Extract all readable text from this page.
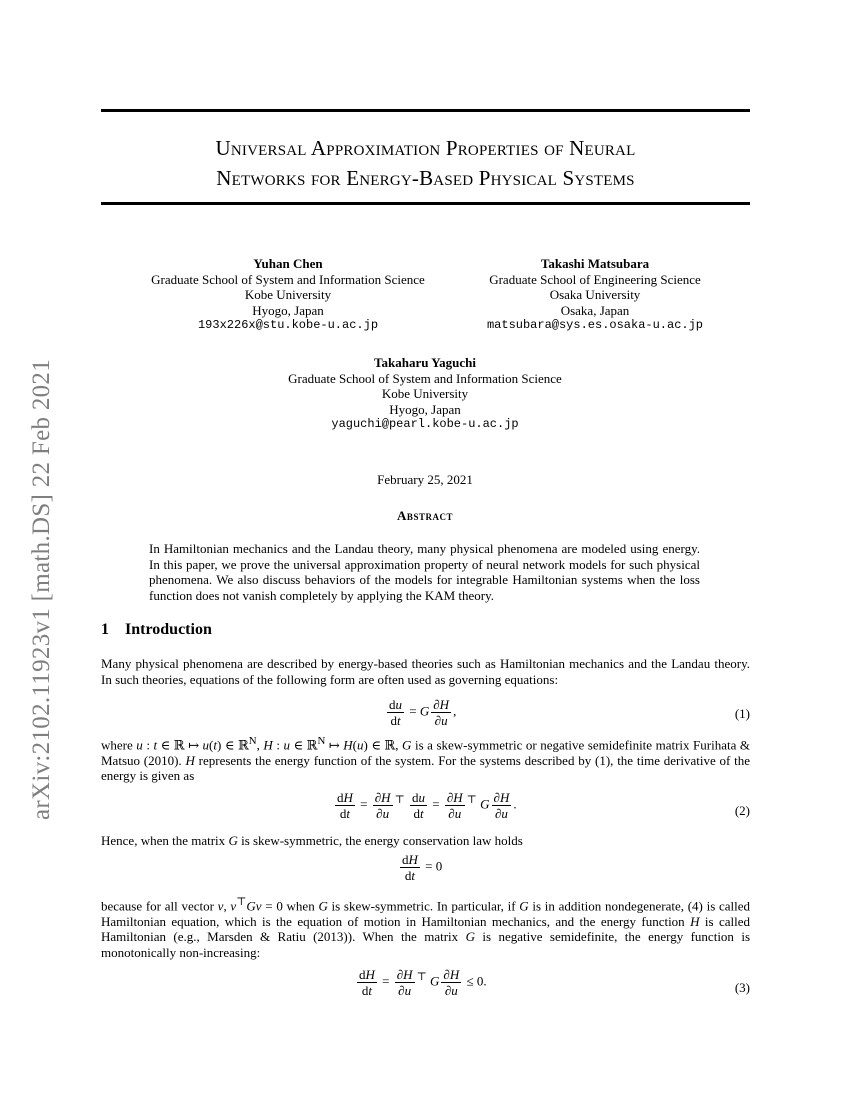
arXiv:2102.11923v1 [math.DS] 22 Feb 2021
Universal Approximation Properties of Neural
Networks for Energy-Based Physical Systems
Yuhan Chen
Graduate School of System and Information Science
Kobe University
Hyogo, Japan
193x226x@stu.kobe-u.ac.jp
Takashi Matsubara
Graduate School of Engineering Science
Osaka University
Osaka, Japan
matsubara@sys.es.osaka-u.ac.jp
Takaharu Yaguchi
Graduate School of System and Information Science
Kobe University
Hyogo, Japan
yaguchi@pearl.kobe-u.ac.jp
February 25, 2021
Abstract
In Hamiltonian mechanics and the Landau theory, many physical phenomena are modeled using energy. In this paper, we prove the universal approximation property of neural network models for such physical phenomena. We also discuss behaviors of the models for integrable Hamiltonian systems when the loss function does not vanish completely by applying the KAM theory.
1 Introduction
Many physical phenomena are described by energy-based theories such as Hamiltonian mechanics and the Landau theory. In such theories, equations of the following form are often used as governing equations:
$\frac{du}{dt} = G \frac{\partial H}{\partial u}$ ,	(1)
where u : t ∈ ℝ ↦ u(t) ∈ ℝ$^N$, H : u ∈ ℝ$^N$ ↦ H(u) ∈ ℝ, G is a skew-symmetric or negative semidefinite matrix Furihata & Matsuo (2010). H represents the energy function of the system. For the systems described by (1), the time derivative of the energy is given as
$\frac{dH}{dt} = \frac{\partial H}{\partial u} ^⊤ \frac{du}{dt} = \frac{\partial H}{\partial u} ^⊤$ G $\frac{\partial H}{\partial u}$ .	(2)
Hence, when the matrix G is skew-symmetric, the energy conservation law holds
$\frac{dH}{dt} = 0$
because for all vector v, v⊤Gv = 0 when G is skew-symmetric. In particular, if G is in addition nondegenerate, (4) is called Hamiltonian equation, which is the equation of motion in Hamiltonian mechanics, and the energy function H is called Hamiltonian (e.g., Marsden & Ratiu (2013)). When the matrix G is negative semidefinite, the energy function is monotonically non-increasing:
$\frac{dH}{dt} = \frac{\partial H}{\partial u} ^⊤$ G $\frac{\partial H}{\partial u} \le 0$.	(3)
